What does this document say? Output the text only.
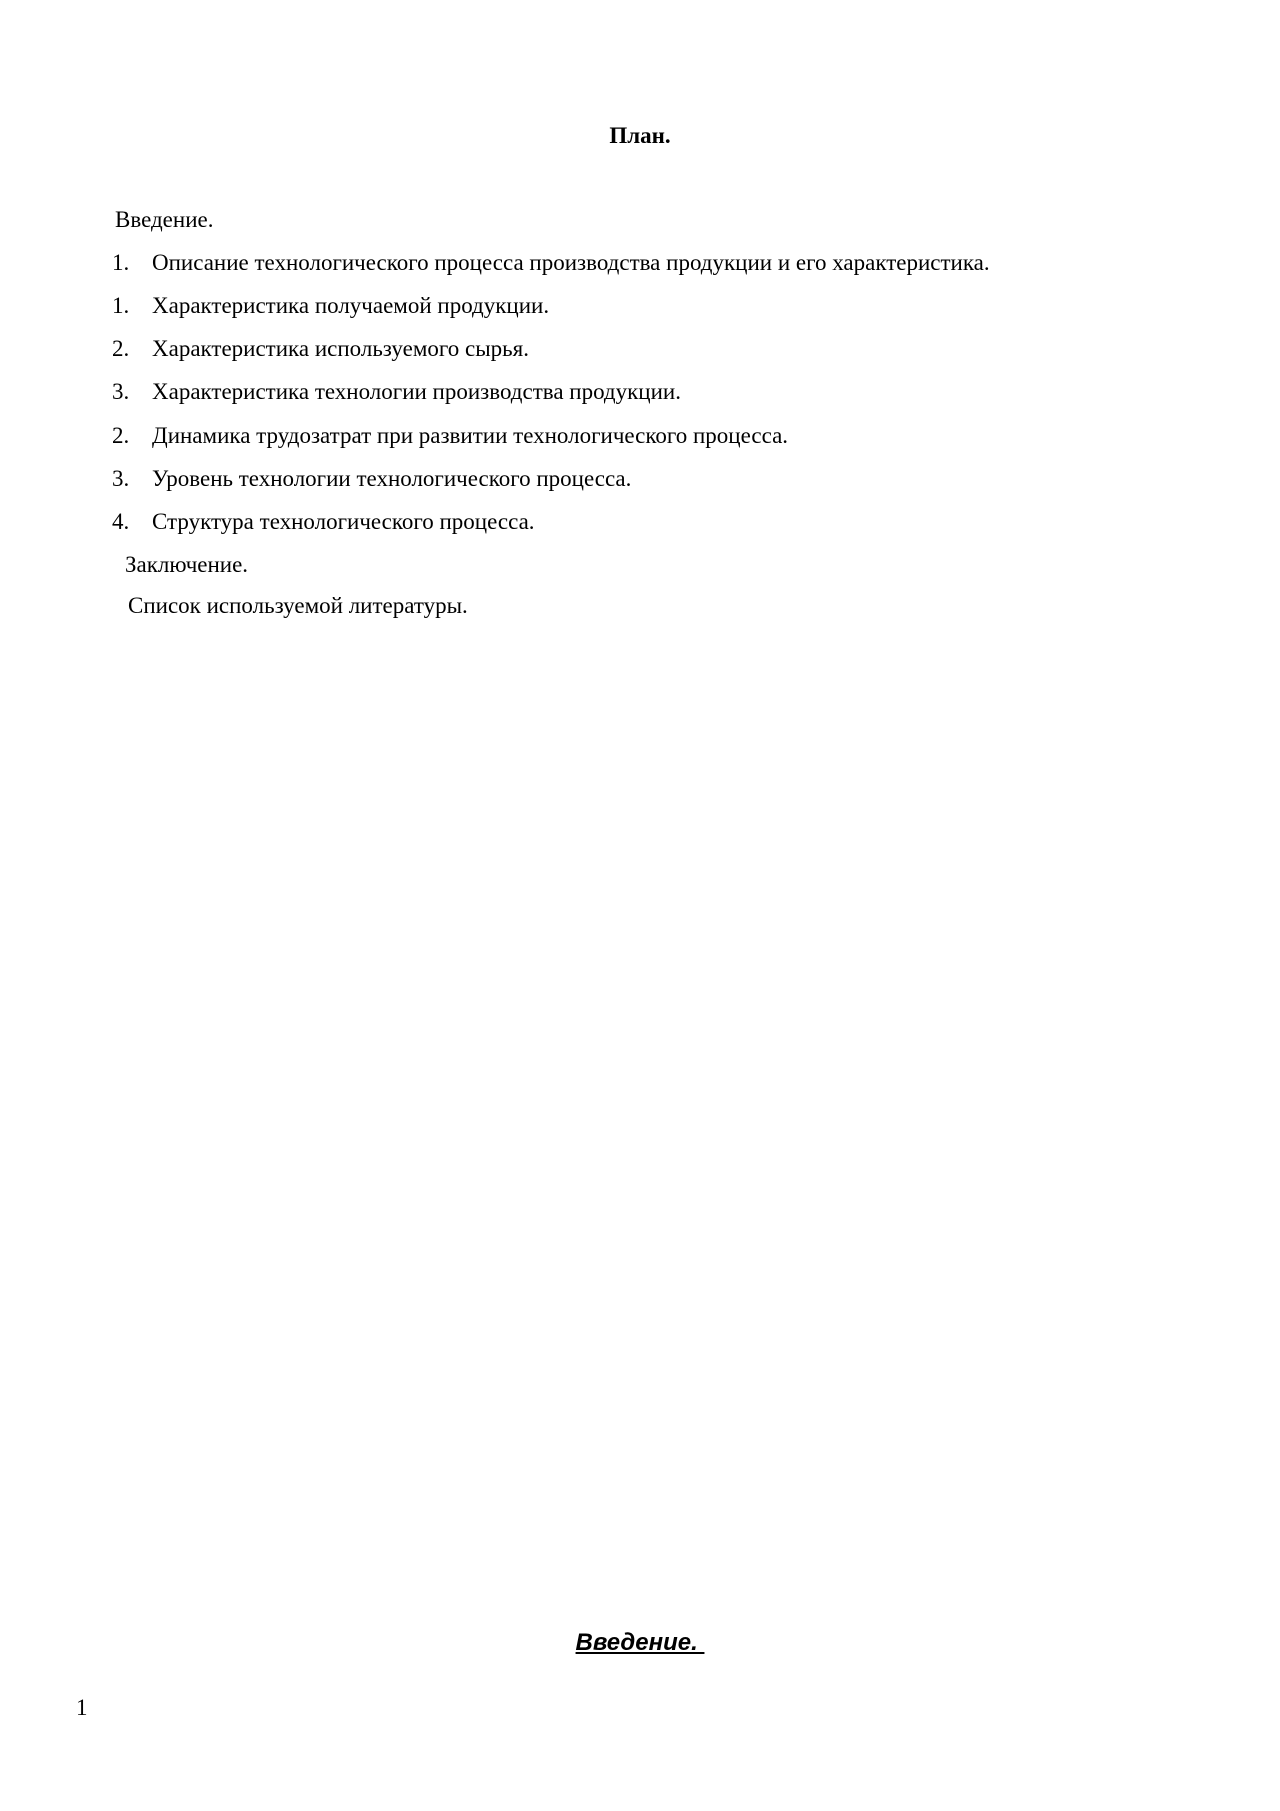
План.
Введение.
1. Описание технологического процесса производства продукции и его характеристика.
1. Характеристика получаемой продукции.
2. Характеристика используемого сырья.
3. Характеристика технологии производства продукции.
2. Динамика трудозатрат при развитии технологического процесса.
3. Уровень технологии технологического процесса.
4. Структура технологического процесса.
Заключение.
Список используемой литературы.
Введение.
1
